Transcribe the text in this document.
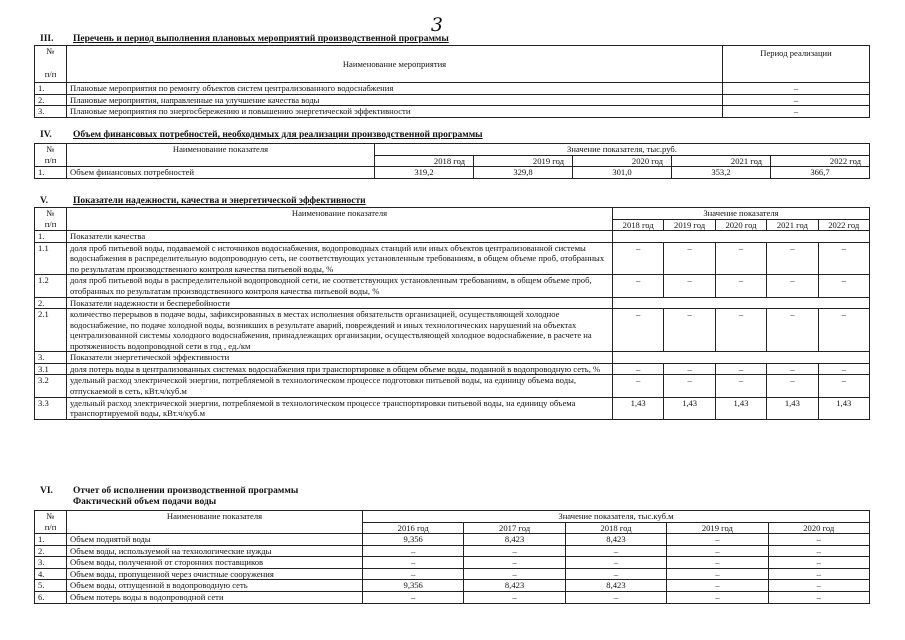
3
III. Перечень и период выполнения плановых мероприятий производственной программы
№
п/п	Наименование мероприятия	Период реализации
1.	Плановые мероприятия по ремонту объектов систем централизованного водоснабжения	–
2.	Плановые мероприятия, направленные на улучшение качества воды	–
3.	Плановые мероприятия по энергосбережению и повышению энергетической эффективности	–
IV. Объем финансовых потребностей, необходимых для реализации производственной программы
№
п/п	Наименование показателя	Значение показателя, тыс.руб.				
		2018 год	2019 год	2020 год	2021 год	2022 год
1.	Объем финансовых потребностей	319,2	329,8	301,0	353,2	366,7
V.	Показатели надежности, качества и энергетической эффективности
№
п/п	Наименование показателя	Значение показателя				
		2018 год	2019 год	2020 год	2021 год	2022 год
1.	Показатели качества					
1.1	доля проб питьевой воды, подаваемой с источников водоснабжения, водопроводных станций или иных объектов централизованной системы водоснабжения в распределительную водопроводную сеть, не соответствующих установленным требованиям, в общем объеме проб, отобранных по результатам производственного контроля качества питьевой воды, %	–	–	–	–	–
1.2	доля проб питьевой воды в распределительной водопроводной сети, не соответствующих установленным требованиям, в общем объеме проб, отобранных по результатам производственного контроля качества питьевой воды, %	–	–	–	–	–
2.	Показатели надежности и бесперебойности					
2.1	количество перерывов в подаче воды, зафиксированных в местах исполнения обязательств организацией, осуществляющей холодное водоснабжение, по подаче холодной воды, возникших в результате аварий, повреждений и иных технологических нарушений на объектах централизованной системы холодного водоснабжения, принадлежащих организации, осуществляющей холодное водоснабжение, в расчете на протяженность водопроводной сети в год , ед./км	–	–	–	–	–
3.	Показатели энергетической эффективности					
3.1	доля потерь воды в централизованных системах водоснабжения при транспортировке в общем объеме воды, поданной в водопроводную сеть, %	–	–	–	–	–
3.2	удельный расход электрической энергии, потребляемой в технологическом процессе подготовки питьевой воды, на единицу объема воды, отпускаемой в сеть, кВт.ч/куб.м	–	–	–	–	–
3.3	удельный расход электрической энергии, потребляемой в технологическом процессе транспортировки питьевой воды, на единицу объема транспортируемой воды, кВт.ч/куб.м	1,43	1,43	1,43	1,43	1,43
VI. Отчет об исполнении производственной программы
Фактический объем подачи воды
№
п/п	Наименование показателя	Значение показателя, тыс.куб.м				
		2016 год	2017 год	2018 год	2019 год	2020 год
1.	Объем поднятой воды	9,356	8,423	8,423	–	–
2.	Объем воды, используемой на технологические нужды	–	–	–	–	–
3.	Объем воды, полученной от сторонних поставщиков	–	–	–	–	–
4.	Объем воды, пропущенной через очистные сооружения	–	–	–	–	–
5.	Объем воды, отпущенной в водопроводную сеть	9,356	8,423	8,423	–	–
6.	Объем потерь воды в водопроводной сети	–	–	–	–	–
